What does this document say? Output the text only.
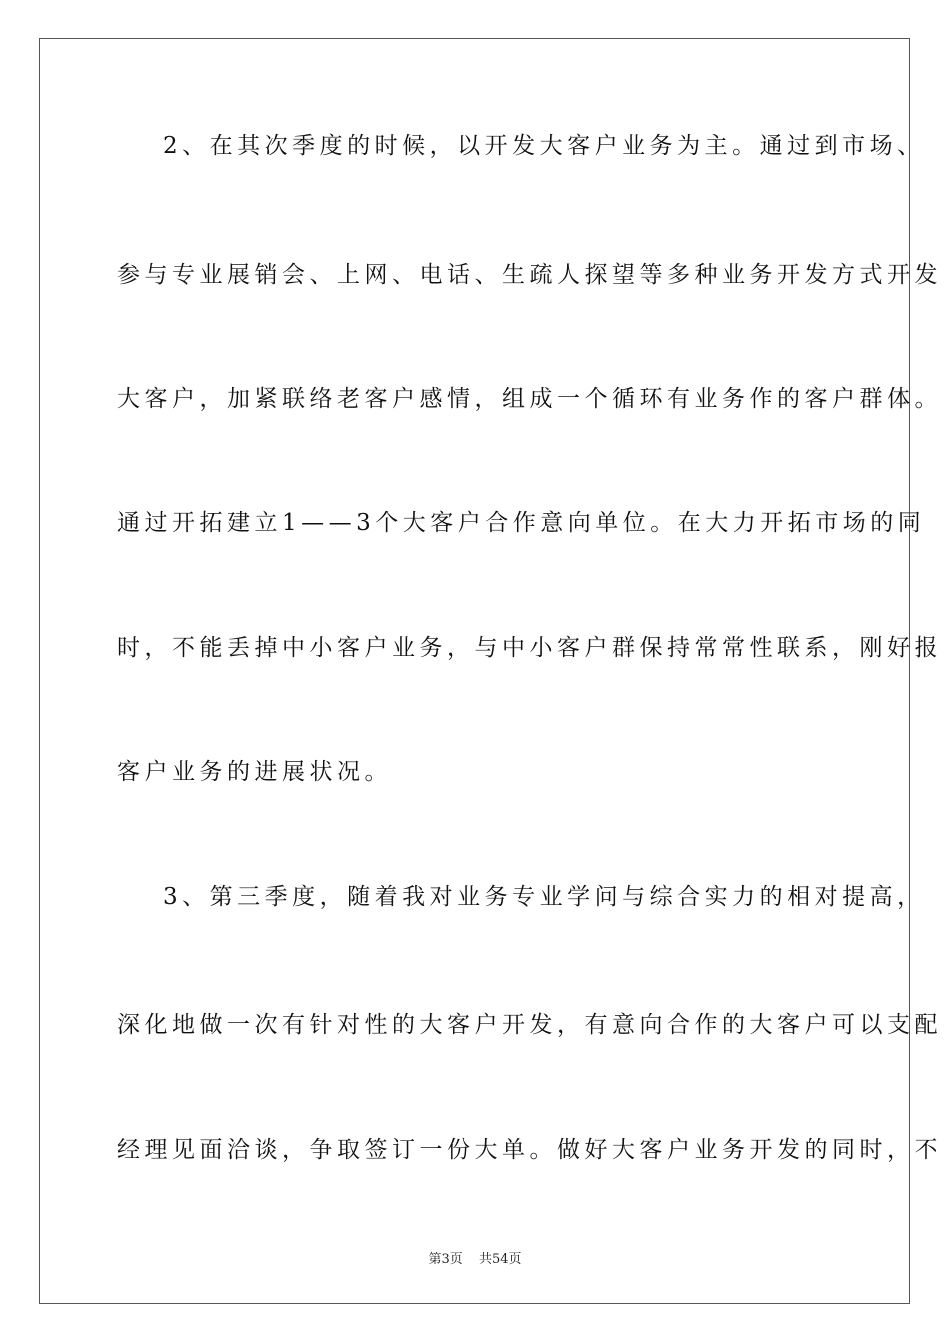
2、在其次季度的时候，以开发大客户业务为主。通过到市场、
参与专业展销会、上网、电话、生疏人探望等多种业务开发方式开发
大客户，加紧联络老客户感情，组成一个循环有业务作的客户群体。
通过开拓建立1——3个大客户合作意向单位。在大力开拓市场的同
时，不能丢掉中小客户业务，与中小客户群保持常常性联系，刚好报
客户业务的进展状况。
3、第三季度，随着我对业务专业学问与综合实力的相对提高，
深化地做一次有针对性的大客户开发，有意向合作的大客户可以支配
经理见面洽谈，争取签订一份大单。做好大客户业务开发的同时，不
第3页 共54页
